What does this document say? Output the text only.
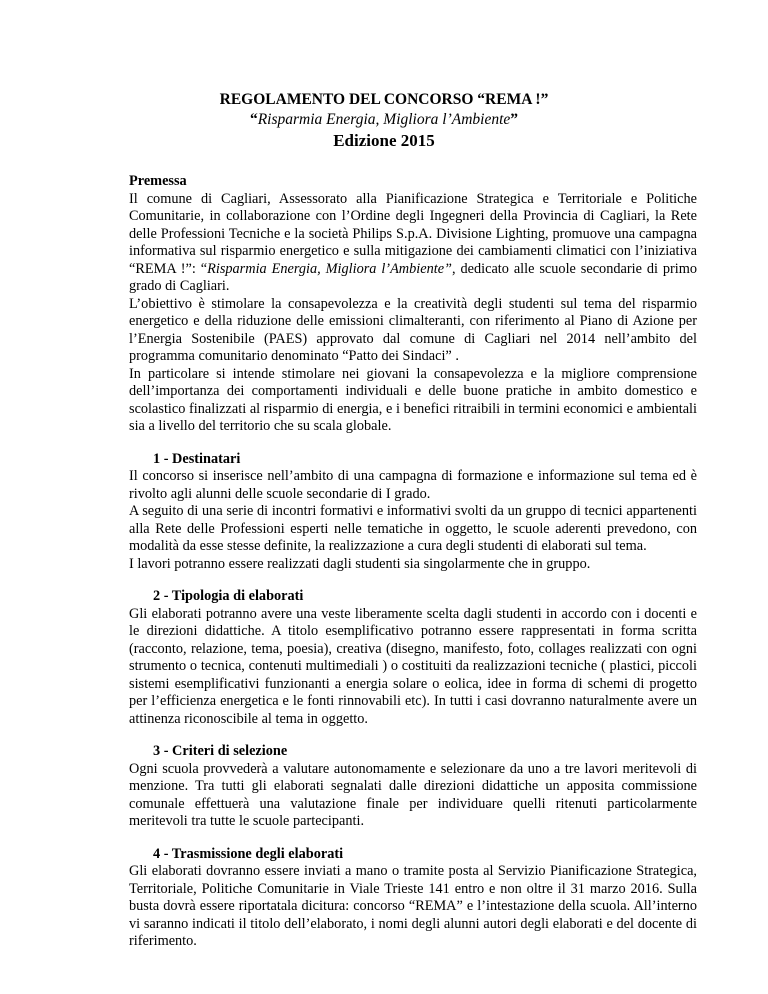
REGOLAMENTO DEL CONCORSO “REMA !”
“Risparmia Energia, Migliora l’Ambiente”
Edizione 2015
Premessa

Il comune di Cagliari, Assessorato alla Pianificazione Strategica e Territoriale e Politiche Comunitarie, in collaborazione con l’Ordine degli Ingegneri della Provincia di Cagliari, la Rete delle Professioni Tecniche e la società Philips S.p.A. Divisione Lighting, promuove una campagna informativa sul risparmio energetico e sulla mitigazione dei cambiamenti climatici con l’iniziativa “REMA !”: “Risparmia Energia, Migliora l’Ambiente”, dedicato alle scuole secondarie di primo grado di Cagliari.

L’obiettivo è stimolare la consapevolezza e la creatività degli studenti sul tema del risparmio energetico e della riduzione delle emissioni climalteranti, con riferimento al Piano di Azione per l’Energia Sostenibile (PAES) approvato dal comune di Cagliari nel 2014 nell’ambito del programma comunitario denominato “Patto dei Sindaci” .

In particolare si intende stimolare nei giovani la consapevolezza e la migliore comprensione dell’importanza dei comportamenti individuali e delle buone pratiche in ambito domestico e scolastico finalizzati al risparmio di energia, e i benefici ritraibili in termini economici e ambientali sia a livello del territorio che su scala globale.

1 - Destinatari

Il concorso si inserisce nell’ambito di una campagna di formazione e informazione sul tema ed è rivolto agli alunni delle scuole secondarie di I grado.

A seguito di una serie di incontri formativi e informativi svolti da un gruppo di tecnici appartenenti alla Rete delle Professioni esperti nelle tematiche in oggetto, le scuole aderenti prevedono, con modalità da esse stesse definite, la realizzazione a cura degli studenti di elaborati sul tema.

I lavori potranno essere realizzati dagli studenti sia singolarmente che in gruppo.

2 - Tipologia di elaborati

Gli elaborati potranno avere una veste liberamente scelta dagli studenti in accordo con i docenti e le direzioni didattiche. A titolo esemplificativo potranno essere rappresentati in forma scritta (racconto, relazione, tema, poesia), creativa (disegno, manifesto, foto, collages realizzati con ogni strumento o tecnica, contenuti multimediali ) o costituiti da realizzazioni tecniche ( plastici, piccoli sistemi esemplificativi funzionanti a energia solare o eolica, idee in forma di schemi di progetto per l’efficienza energetica e le fonti rinnovabili etc). In tutti i casi dovranno naturalmente avere un attinenza riconoscibile al tema in oggetto.

3 - Criteri di selezione

Ogni scuola provvederà a valutare autonomamente e selezionare da uno a tre lavori meritevoli di menzione. Tra tutti gli elaborati segnalati dalle direzioni didattiche un apposita commissione comunale effettuerà una valutazione finale per individuare quelli ritenuti particolarmente meritevoli tra tutte le scuole partecipanti.

4 - Trasmissione degli elaborati

Gli elaborati dovranno essere inviati a mano o tramite posta al Servizio Pianificazione Strategica, Territoriale, Politiche Comunitarie in Viale Trieste 141 entro e non oltre il 31 marzo 2016. Sulla busta dovrà essere riportatala dicitura: concorso “REMA” e l’intestazione della scuola. All’interno vi saranno indicati il titolo dell’elaborato, i nomi degli alunni autori degli elaborati e del docente di riferimento.
